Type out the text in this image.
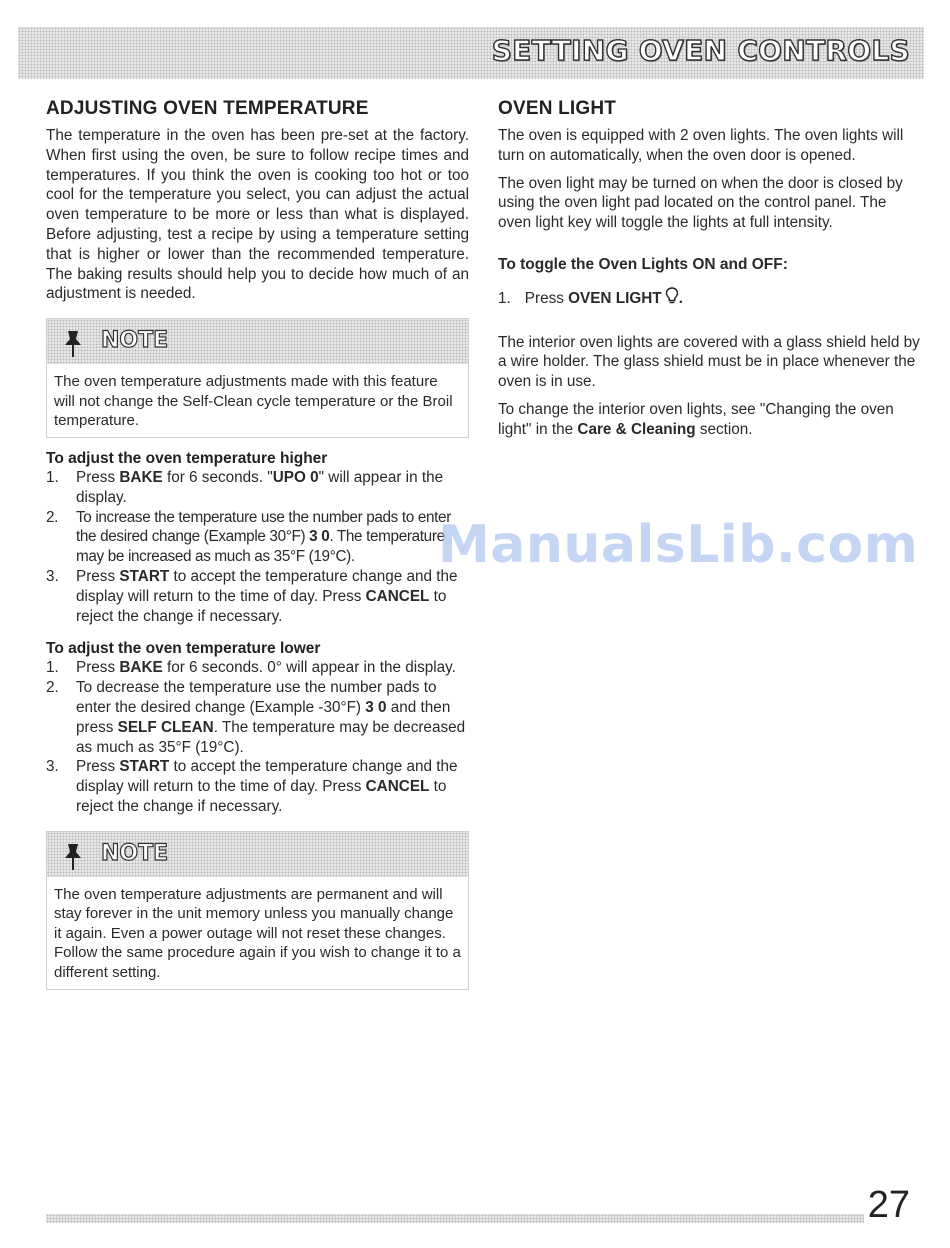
SETTING OVEN CONTROLS
ADJUSTING OVEN TEMPERATURE

The temperature in the oven has been pre-set at the factory. When first using the oven, be sure to follow recipe times and temperatures. If you think the oven is cooking too hot or too cool for the temperature you select, you can adjust the actual oven temperature to be more or less than what is displayed. Before adjusting, test a recipe by using a temperature setting that is higher or lower than the recommended temperature. The baking results should help you to decide how much of an adjustment is needed.

NOTE

The oven temperature adjustments made with this feature will not change the Self-Clean cycle temperature or the Broil temperature.

To adjust the oven temperature higher
1. Press BAKE for 6 seconds. "UPO 0" will appear in the display.
2. To increase the temperature use the number pads to enter the desired change (Example 30°F) 3 0. The temperature may be increased as much as 35°F (19°C).
3. Press START to accept the temperature change and the display will return to the time of day. Press CANCEL to reject the change if necessary.
To adjust the oven temperature lower
1. Press BAKE for 6 seconds. 0° will appear in the display.
2. To decrease the temperature use the number pads to enter the desired change (Example -30°F) 3 0 and then press SELF CLEAN. The temperature may be decreased as much as 35°F (19°C).
3. Press START to accept the temperature change and the display will return to the time of day. Press CANCEL to reject the change if necessary.
NOTE

The oven temperature adjustments are permanent and will stay forever in the unit memory unless you manually change it again. Even a power outage will not reset these changes. Follow the same procedure again if you wish to change it to a different setting.

OVEN LIGHT

The oven is equipped with 2 oven lights. The oven lights will turn on automatically, when the oven door is opened.

The oven light may be turned on when the door is closed by using the oven light pad located on the control panel. The oven light key will toggle the lights at full intensity.

To toggle the Oven Lights ON and OFF:

1. Press OVEN LIGHT .

The interior oven lights are covered with a glass shield held by a wire holder. The glass shield must be in place whenever the oven is in use.

To change the interior oven lights, see "Changing the oven light" in the Care & Cleaning section.

ManualsLib.com

27
